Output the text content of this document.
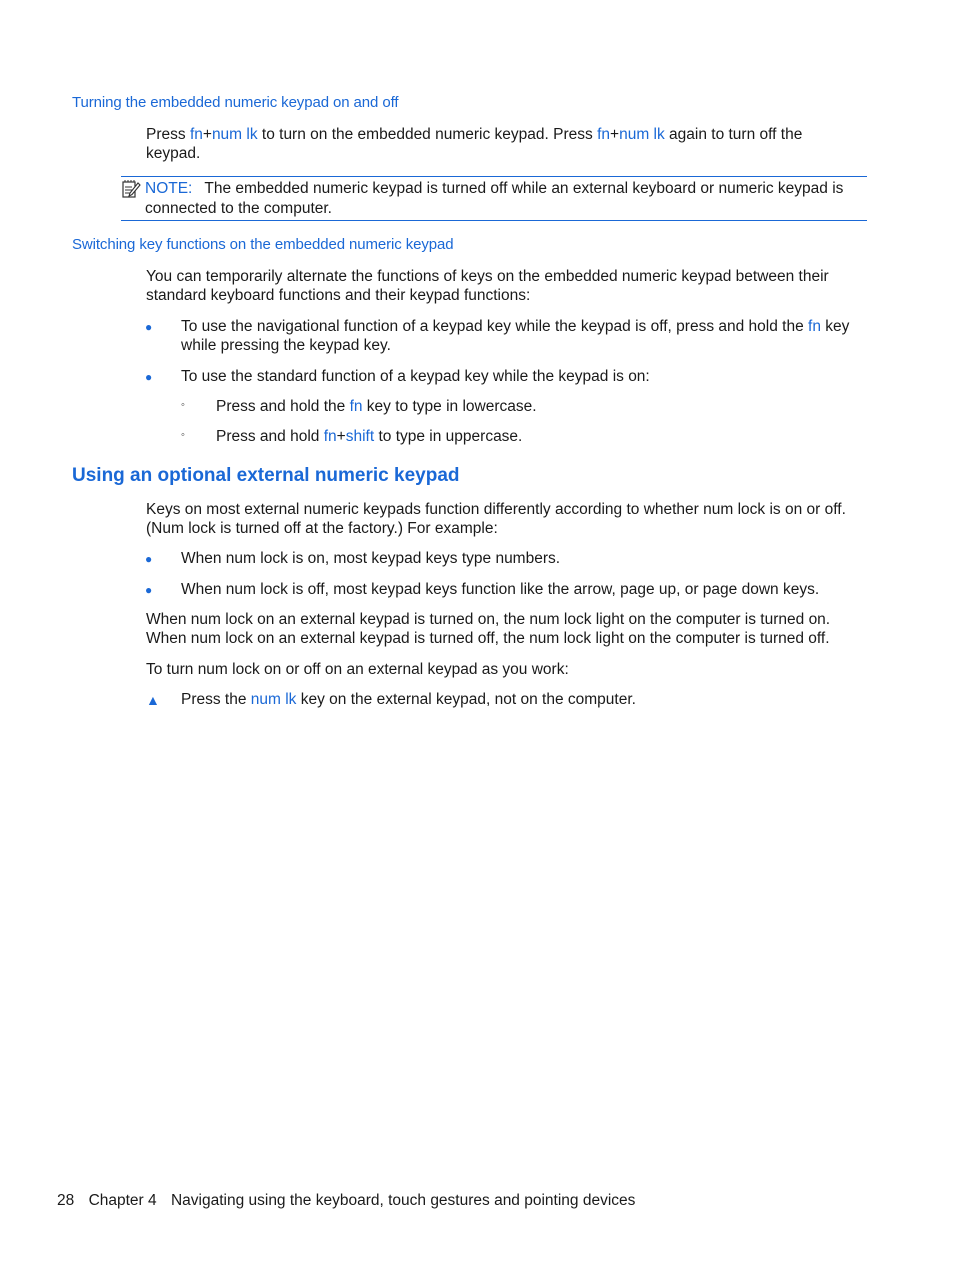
Turning the embedded numeric keypad on and off

Press fn+num lk to turn on the embedded numeric keypad. Press fn+num lk again to turn off the keypad.

NOTE: The embedded numeric keypad is turned off while an external keyboard or numeric keypad is connected to the computer.
Switching key functions on the embedded numeric keypad

You can temporarily alternate the functions of keys on the embedded numeric keypad between their standard keyboard functions and their keypad functions:

● To use the navigational function of a keypad key while the keypad is off, press and hold the fn key while pressing the keypad key.

● To use the standard function of a keypad key while the keypad is on:

◦ Press and hold the fn key to type in lowercase.

◦ Press and hold fn+shift to type in uppercase.

Using an optional external numeric keypad

Keys on most external numeric keypads function differently according to whether num lock is on or off. (Num lock is turned off at the factory.) For example:

● When num lock is on, most keypad keys type numbers.

● When num lock is off, most keypad keys function like the arrow, page up, or page down keys.

When num lock on an external keypad is turned on, the num lock light on the computer is turned on. When num lock on an external keypad is turned off, the num lock light on the computer is turned off.

To turn num lock on or off on an external keypad as you work:

▲ Press the num lk key on the external keypad, not on the computer.

28 Chapter 4 Navigating using the keyboard, touch gestures and pointing devices
